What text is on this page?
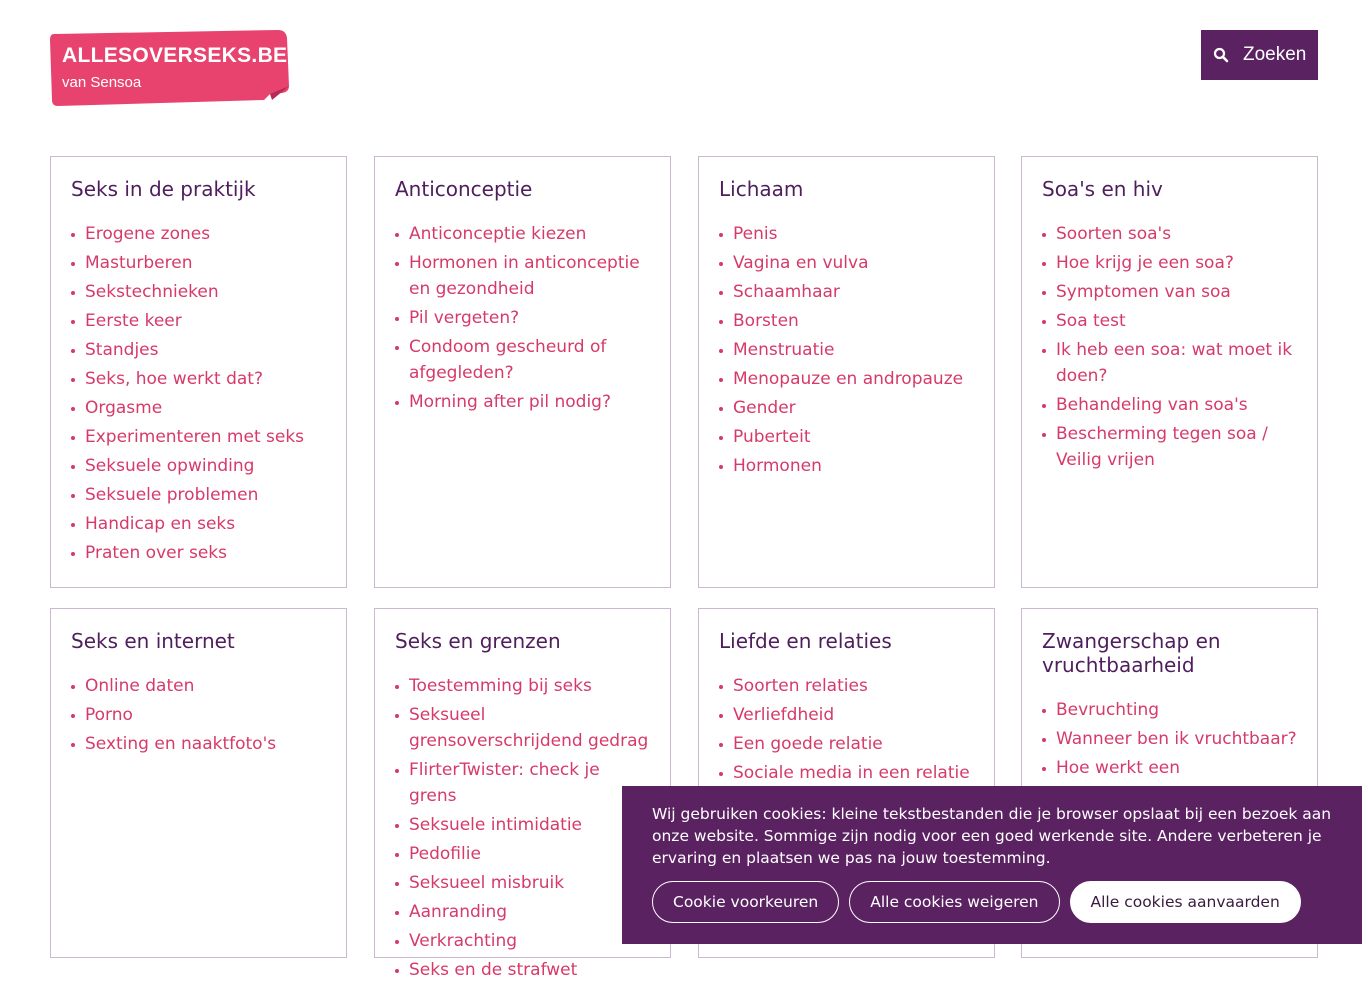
ALLESOVERSEKS.BE
van Sensoa
Zoeken
Seks in de praktijk
Erogene zones
Masturberen
Sekstechnieken
Eerste keer
Standjes
Seks, hoe werkt dat?
Orgasme
Experimenteren met seks
Seksuele opwinding
Seksuele problemen
Handicap en seks
Praten over seks
Anticonceptie
Anticonceptie kiezen
Hormonen in anticonceptie en gezondheid
Pil vergeten?
Condoom gescheurd of afgegleden?
Morning after pil nodig?
Lichaam
Penis
Vagina en vulva
Schaamhaar
Borsten
Menstruatie
Menopauze en andropauze
Gender
Puberteit
Hormonen
Soa's en hiv
Soorten soa's
Hoe krijg je een soa?
Symptomen van soa
Soa test
Ik heb een soa: wat moet ik doen?
Behandeling van soa's
Bescherming tegen soa / Veilig vrijen
Seks en internet
Online daten
Porno
Sexting en naaktfoto's
Seks en grenzen
Toestemming bij seks
Seksueel grensoverschrijdend gedrag
FlirterTwister: check je grens
Seksuele intimidatie
Pedofilie
Seksueel misbruik
Aanranding
Verkrachting
Seks en de strafwet
Liefde en relaties
Soorten relaties
Verliefdheid
Een goede relatie
Sociale media in een relatie
Zwangerschap en vruchtbaarheid
Bevruchting
Wanneer ben ik vruchtbaar?
Hoe werkt een

Wij gebruiken cookies: kleine tekstbestanden die je browser opslaat bij een bezoek aan onze website. Sommige zijn nodig voor een goed werkende site. Andere verbeteren je ervaring en plaatsen we pas na jouw toestemming.

Cookie voorkeuren	Alle cookies weigeren	Alle cookies aanvaarden
